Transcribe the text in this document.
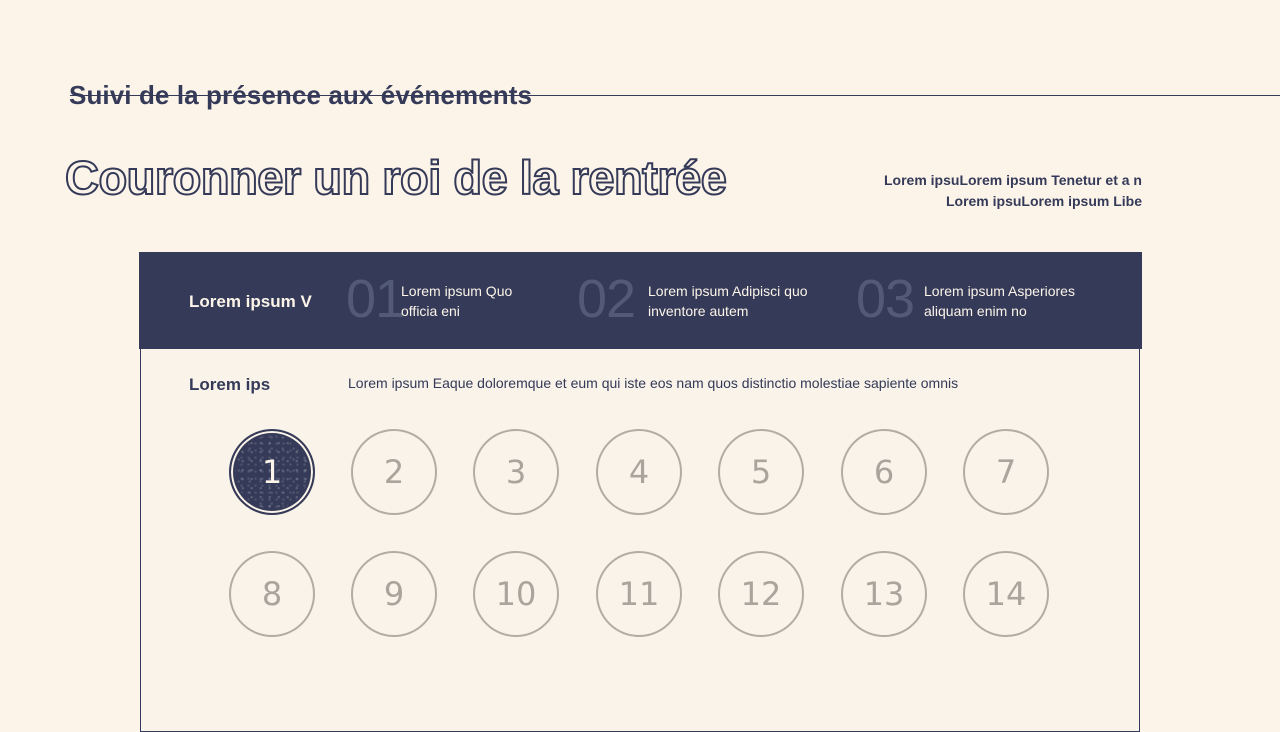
Suivi de la présence aux événements
Couronner un roi de la rentrée	Lorem ipsuLorem ipsum Tenetur et a n
Lorem ipsuLorem ipsum Libe
Lorem ipsum V 01
Lorem ipsum Quo officia eni	02 Lorem ipsum Adipisci quo inventore autem	03 Lorem ipsum Asperiores aliquam enim no
Lorem ips	Lorem ipsum Eaque doloremque et eum qui iste eos nam quos distinctio molestiae sapiente omnis
1	2	3	4	5	6	7
8	9	10	11	12	13	14
